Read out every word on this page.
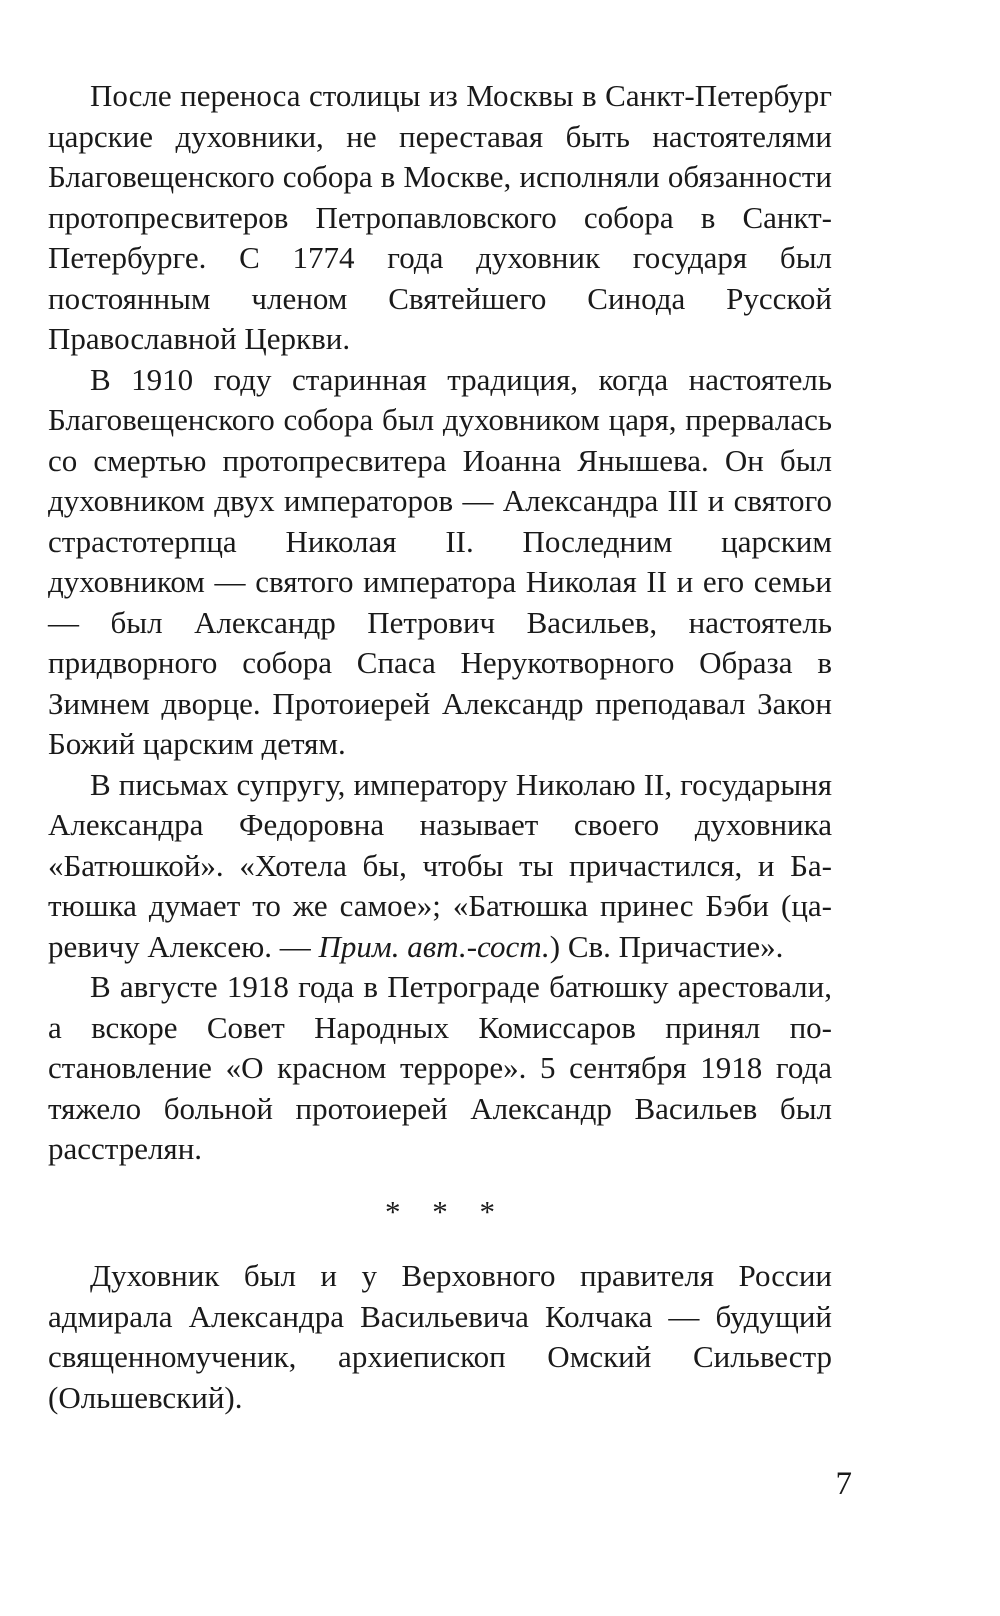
После переноса столицы из Москвы в Санкт-Петербург царские духовники, не переставая быть настоятелями Благовещенского собора в Москве, исполняли обязанности протопресвитеров Петропавловского собора в Санкт-Петербурге. С 1774 года духовник государя был постоянным членом Святейшего Синода Русской Православной Церкви.

В 1910 году старинная традиция, когда настоятель Благовещенского собора был духовником царя, прервалась со смертью протопресвитера Иоанна Янышева. Он был духовником двух императоров — Александра III и святого страстотерпца Николая II. Последним царским духовником — святого императора Николая II и его семьи — был Александр Петрович Васильев, настоятель придворного собора Спаса Нерукотворного Образа в Зимнем дворце. Протоиерей Александр преподавал Закон Божий царским детям.

В письмах супругу, императору Николаю II, государыня Александра Федоровна называет своего духовника «Батюшкой». «Хотела бы, чтобы ты причастился, и Батюшка думает то же самое»; «Батюшка принес Бэби (царевичу Алексею. — Прим. авт.-сост.) Св. Причастие».

В августе 1918 года в Петрограде батюшку арестовали, а вскоре Совет Народных Комиссаров принял постановление «О красном терроре». 5 сентября 1918 года тяжело больной протоиерей Александр Васильев был расстрелян.

* * *

Духовник был и у Верховного правителя России адмирала Александра Васильевича Колчака — будущий священномученик, архиепископ Омский Сильвестр (Ольшевский).

7
